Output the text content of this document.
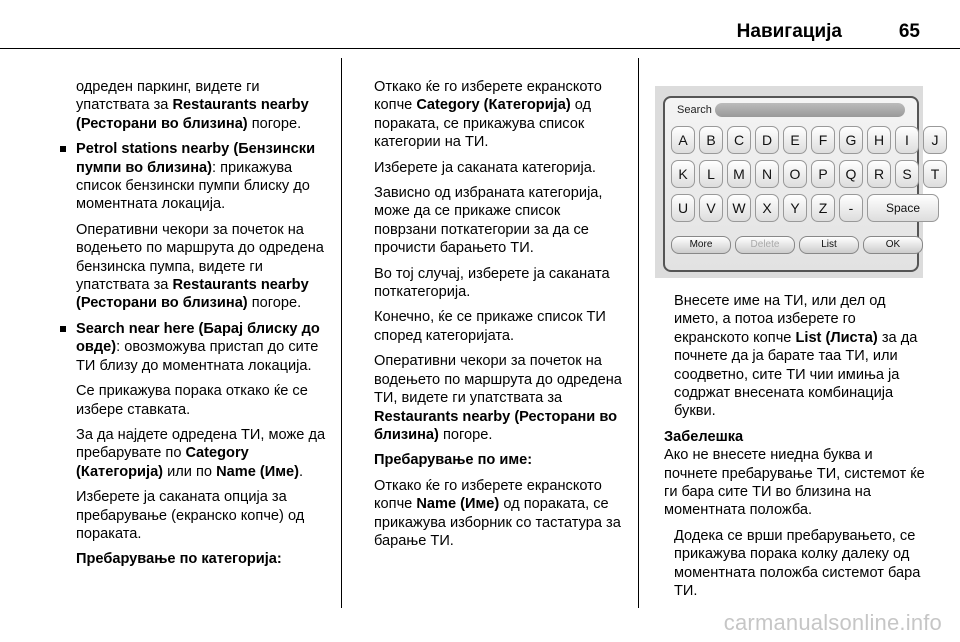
Навигација	65

одреден паркинг, видете ги упатствата за Restaurants nearby (Ресторани во близина) погоре.

Petrol stations nearby (Бензински пумпи во близина): прикажува список бензински пумпи блиску до моментната локација.

Оперативни чекори за почеток на водењето по маршрута до одредена бензинска пумпа, видете ги упатствата за Restaurants nearby (Ресторани во близина) погоре.

Search near here (Барај блиску до овде): овозможува пристап до сите ТИ близу до моментната локација.

Се прикажува порака откако ќе се избере ставката.

За да најдете одредена ТИ, може да пребарувате по Category (Категорија) или по Name (Име).

Изберете ја саканата опција за пребарување (екранско копче) од пораката.

Пребарување по категорија:

Откако ќе го изберете екранското копче Category (Категорија) од пораката, се прикажува список категории на ТИ.

Изберете ја саканата категорија.

Зависно од избраната категорија, може да се прикаже список поврзани поткатегории за да се прочисти барањето ТИ.

Во тој случај, изберете ја саканата поткатегорија.

Конечно, ќе се прикаже список ТИ според категоријата.

Оперативни чекори за почеток на водењето по маршрута до одредена ТИ, видете ги упатствата за Restaurants nearby (Ресторани во близина) погоре.

Пребарување по име:

Откако ќе го изберете екранското копче Name (Име) од пораката, се прикажува изборник со тастатура за барање ТИ.

Search
A	B	C	D	E	F	G	H	I	J
K	L	M	N	O	P	Q	R	S	T
U	V	W	X	Y	Z	-	Space
More	Delete	List	OK

Внесете име на ТИ, или дел од името, а потоа изберете го екранското копче List (Листа) за да почнете да ја барате таа ТИ, или соодветно, сите ТИ чии имиња ја содржат внесената комбинација букви.

Забелешка

Ако не внесете ниедна буква и почнете пребарување ТИ, системот ќе ги бара сите ТИ во близина на моментната положба.

Додека се врши пребарувањето, се прикажува порака колку далеку од моментната положба системот бара ТИ.

carmanualsonline.info
